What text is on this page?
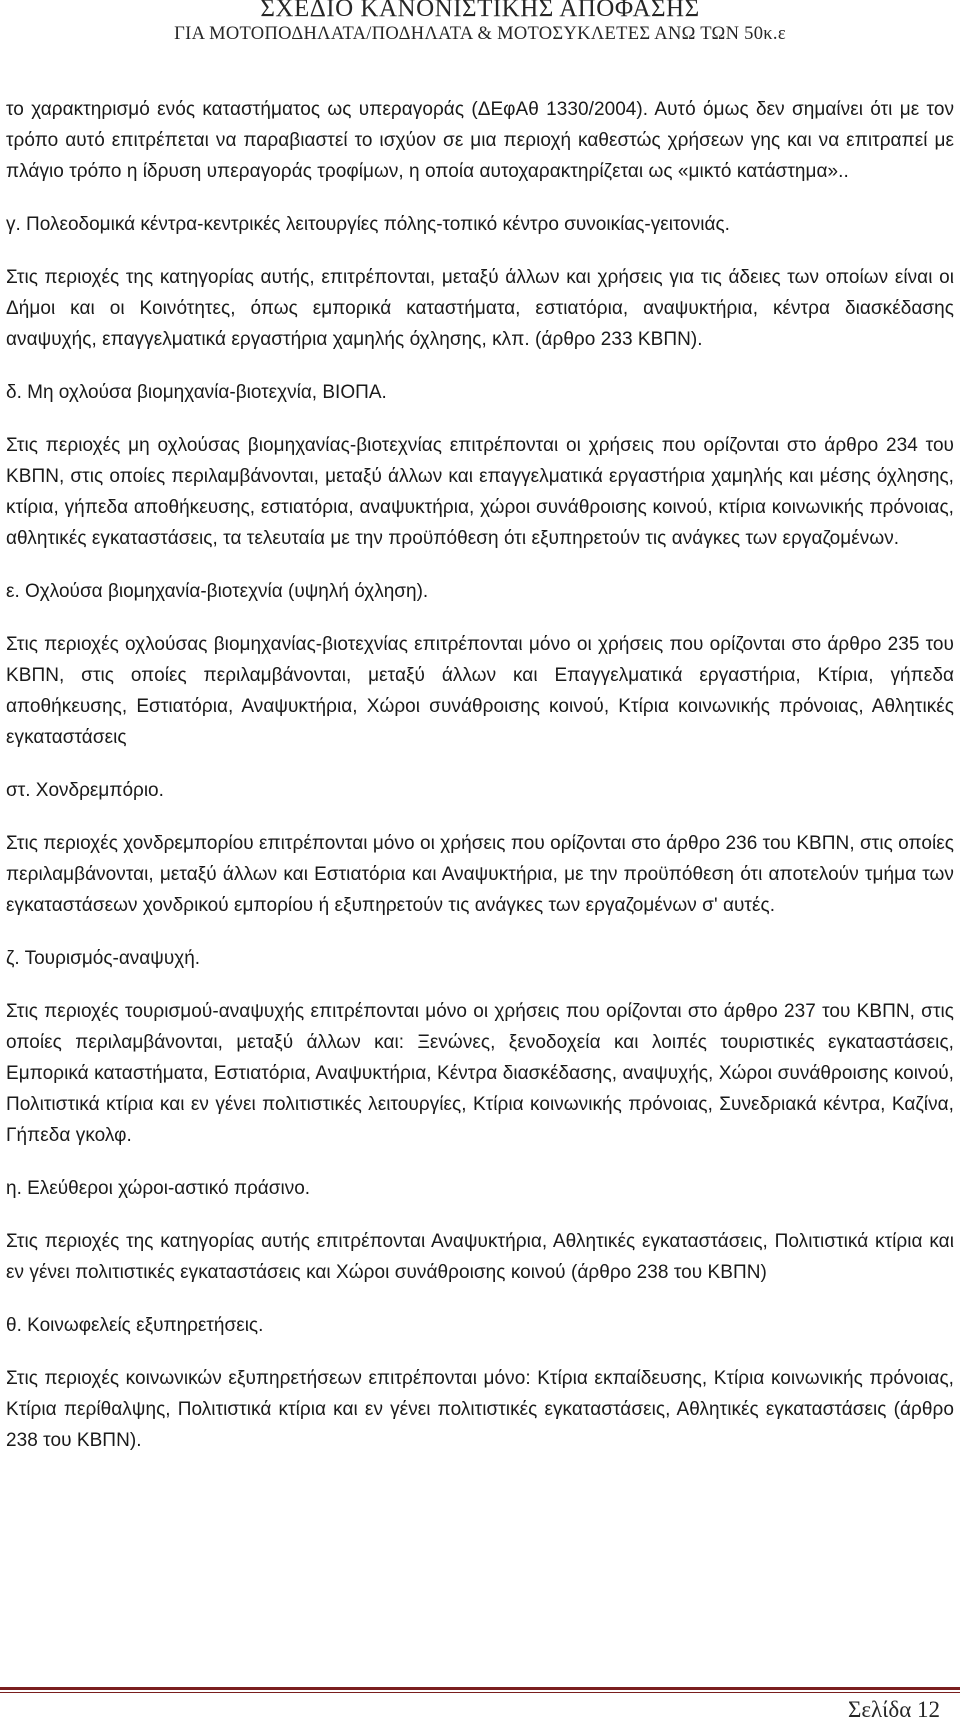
ΣΧΕΔΙΟ ΚΑΝΟΝΙΣΤΙΚΗΣ ΑΠΟΦΑΣΗΣ
ΓΙΑ ΜΟΤΟΠΟΔΗΛΑΤΑ/ΠΟΔΗΛΑΤΑ & ΜΟΤΟΣΥΚΛΕΤΕΣ ΑΝΩ ΤΩΝ 50κ.ε

το χαρακτηρισμό ενός καταστήματος ως υπεραγοράς (ΔΕφΑθ 1330/2004). Αυτό όμως δεν σημαίνει ότι με τον τρόπο αυτό επιτρέπεται να παραβιαστεί το ισχύον σε μια περιοχή καθεστώς χρήσεων γης και να επιτραπεί με πλάγιο τρόπο η ίδρυση υπεραγοράς τροφίμων, η οποία αυτοχαρακτηρίζεται ως «μικτό κατάστημα»..

γ. Πολεοδομικά κέντρα-κεντρικές λειτουργίες πόλης-τοπικό κέντρο συνοικίας-γειτονιάς.

Στις περιοχές της κατηγορίας αυτής, επιτρέπονται, μεταξύ άλλων και χρήσεις για τις άδειες των οποίων είναι οι Δήμοι και οι Κοινότητες, όπως εμπορικά καταστήματα, εστιατόρια, αναψυκτήρια, κέντρα διασκέδασης αναψυχής, επαγγελματικά εργαστήρια χαμηλής όχλησης, κλπ. (άρθρο 233 ΚΒΠΝ).

δ. Μη οχλούσα βιομηχανία-βιοτεχνία, ΒΙΟΠΑ.

Στις περιοχές μη οχλούσας βιομηχανίας-βιοτεχνίας επιτρέπονται οι χρήσεις που ορίζονται στο άρθρο 234 του ΚΒΠΝ, στις οποίες περιλαμβάνονται, μεταξύ άλλων και επαγγελματικά εργαστήρια χαμηλής και μέσης όχλησης, κτίρια, γήπεδα αποθήκευσης, εστιατόρια, αναψυκτήρια, χώροι συνάθροισης κοινού, κτίρια κοινωνικής πρόνοιας, αθλητικές εγκαταστάσεις, τα τελευταία με την προϋπόθεση ότι εξυπηρετούν τις ανάγκες των εργαζομένων.

ε. Οχλούσα βιομηχανία-βιοτεχνία (υψηλή όχληση).

Στις περιοχές οχλούσας βιομηχανίας-βιοτεχνίας επιτρέπονται μόνο οι χρήσεις που ορίζονται στο άρθρο 235 του ΚΒΠΝ, στις οποίες περιλαμβάνονται, μεταξύ άλλων και Επαγγελματικά εργαστήρια, Κτίρια, γήπεδα αποθήκευσης, Εστιατόρια, Αναψυκτήρια, Χώροι συνάθροισης κοινού, Κτίρια κοινωνικής πρόνοιας, Αθλητικές εγκαταστάσεις

στ. Χονδρεμπόριο.

Στις περιοχές χονδρεμπορίου επιτρέπονται μόνο οι χρήσεις που ορίζονται στο άρθρο 236 του ΚΒΠΝ, στις οποίες περιλαμβάνονται, μεταξύ άλλων και Εστιατόρια και Αναψυκτήρια, με την προϋπόθεση ότι αποτελούν τμήμα των εγκαταστάσεων χονδρικού εμπορίου ή εξυπηρετούν τις ανάγκες των εργαζομένων σ' αυτές.

ζ. Τουρισμός-αναψυχή.

Στις περιοχές τουρισμού-αναψυχής επιτρέπονται μόνο οι χρήσεις που ορίζονται στο άρθρο 237 του ΚΒΠΝ, στις οποίες περιλαμβάνονται, μεταξύ άλλων και: Ξενώνες, ξενοδοχεία και λοιπές τουριστικές εγκαταστάσεις, Εμπορικά καταστήματα, Εστιατόρια, Αναψυκτήρια, Κέντρα διασκέδασης, αναψυχής, Χώροι συνάθροισης κοινού, Πολιτιστικά κτίρια και εν γένει πολιτιστικές λειτουργίες, Κτίρια κοινωνικής πρόνοιας, Συνεδριακά κέντρα, Καζίνα, Γήπεδα γκολφ.

η. Ελεύθεροι χώροι-αστικό πράσινο.

Στις περιοχές της κατηγορίας αυτής επιτρέπονται Αναψυκτήρια, Αθλητικές εγκαταστάσεις, Πολιτιστικά κτίρια και εν γένει πολιτιστικές εγκαταστάσεις και Χώροι συνάθροισης κοινού (άρθρο 238 του ΚΒΠΝ)

θ. Κοινωφελείς εξυπηρετήσεις.

Στις περιοχές κοινωνικών εξυπηρετήσεων επιτρέπονται μόνο: Κτίρια εκπαίδευσης, Κτίρια κοινωνικής πρόνοιας, Κτίρια περίθαλψης, Πολιτιστικά κτίρια και εν γένει πολιτιστικές εγκαταστάσεις, Αθλητικές εγκαταστάσεις (άρθρο 238 του ΚΒΠΝ).

Σελίδα 12
